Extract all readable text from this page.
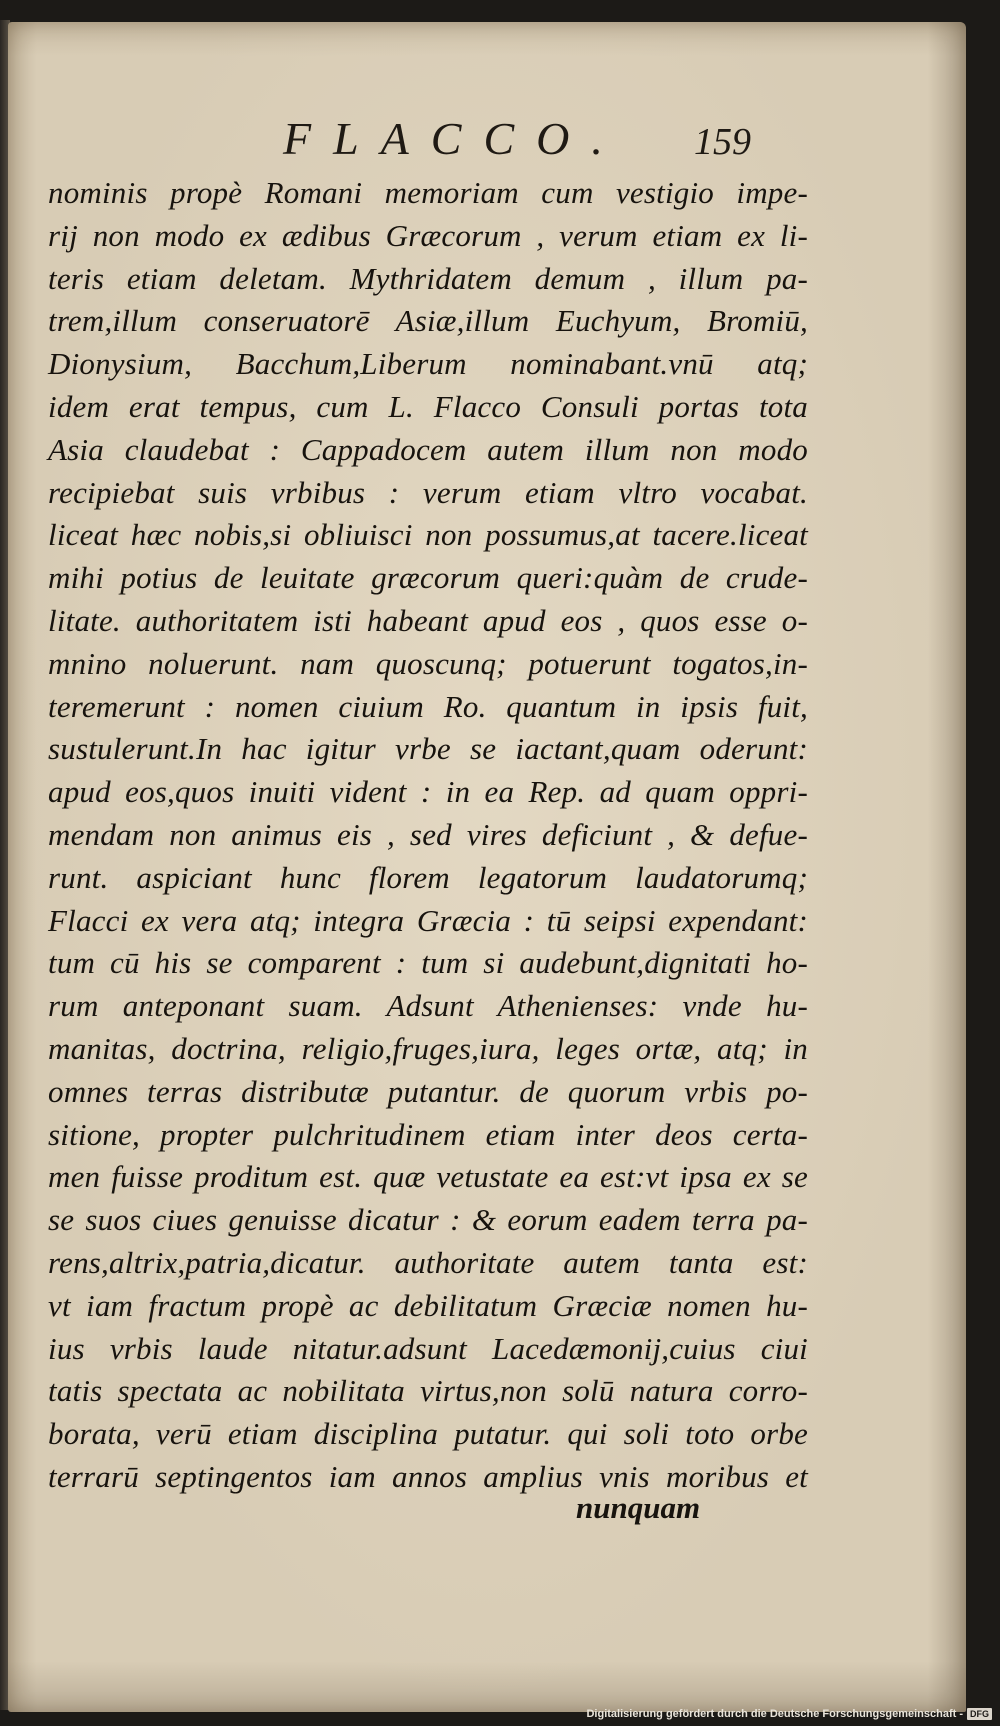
FLACCO. 159
nominis propè Romani memoriam cum vestigio impe-
rij non modo ex ædibus Græcorum , verum etiam ex li-
teris etiam deletam. Mythridatem demum , illum pa-
trem,illum conseruatorē Asiæ,illum Euchyum, Bromiū,
Dionysium, Bacchum,Liberum nominabant.vnū atq;
idem erat tempus, cum L. Flacco Consuli portas tota
Asia claudebat : Cappadocem autem illum non modo
recipiebat suis vrbibus : verum etiam vltro vocabat.
liceat hæc nobis,si obliuisci non possumus,at tacere.liceat
mihi potius de leuitate græcorum queri:quàm de crude-
litate. authoritatem isti habeant apud eos , quos esse o-
mnino noluerunt. nam quoscunq; potuerunt togatos,in-
teremerunt : nomen ciuium Ro. quantum in ipsis fuit,
sustulerunt.In hac igitur vrbe se iactant,quam oderunt:
apud eos,quos inuiti vident : in ea Rep. ad quam oppri-
mendam non animus eis , sed vires deficiunt , & defue-
runt. aspiciant hunc florem legatorum laudatorumq;
Flacci ex vera atq; integra Græcia : tū seipsi expendant:
tum cū his se comparent : tum si audebunt,dignitati ho-
rum anteponant suam. Adsunt Athenienses: vnde hu-
manitas, doctrina, religio,fruges,iura, leges ortæ, atq; in
omnes terras distributæ putantur. de quorum vrbis po-
sitione, propter pulchritudinem etiam inter deos certa-
men fuisse proditum est. quæ vetustate ea est:vt ipsa ex se
se suos ciues genuisse dicatur : & eorum eadem terra pa-
rens,altrix,patria,dicatur. authoritate autem tanta est:
vt iam fractum propè ac debilitatum Græciæ nomen hu-
ius vrbis laude nitatur.adsunt Lacedæmonij,cuius ciui
tatis spectata ac nobilitata virtus,non solū natura corro-
borata, verū etiam disciplina putatur. qui soli toto orbe
terrarū septingentos iam annos amplius vnis moribus et
nunquam
Digitalisierung gefördert durch die Deutsche Forschungsgemeinschaft - DFG
